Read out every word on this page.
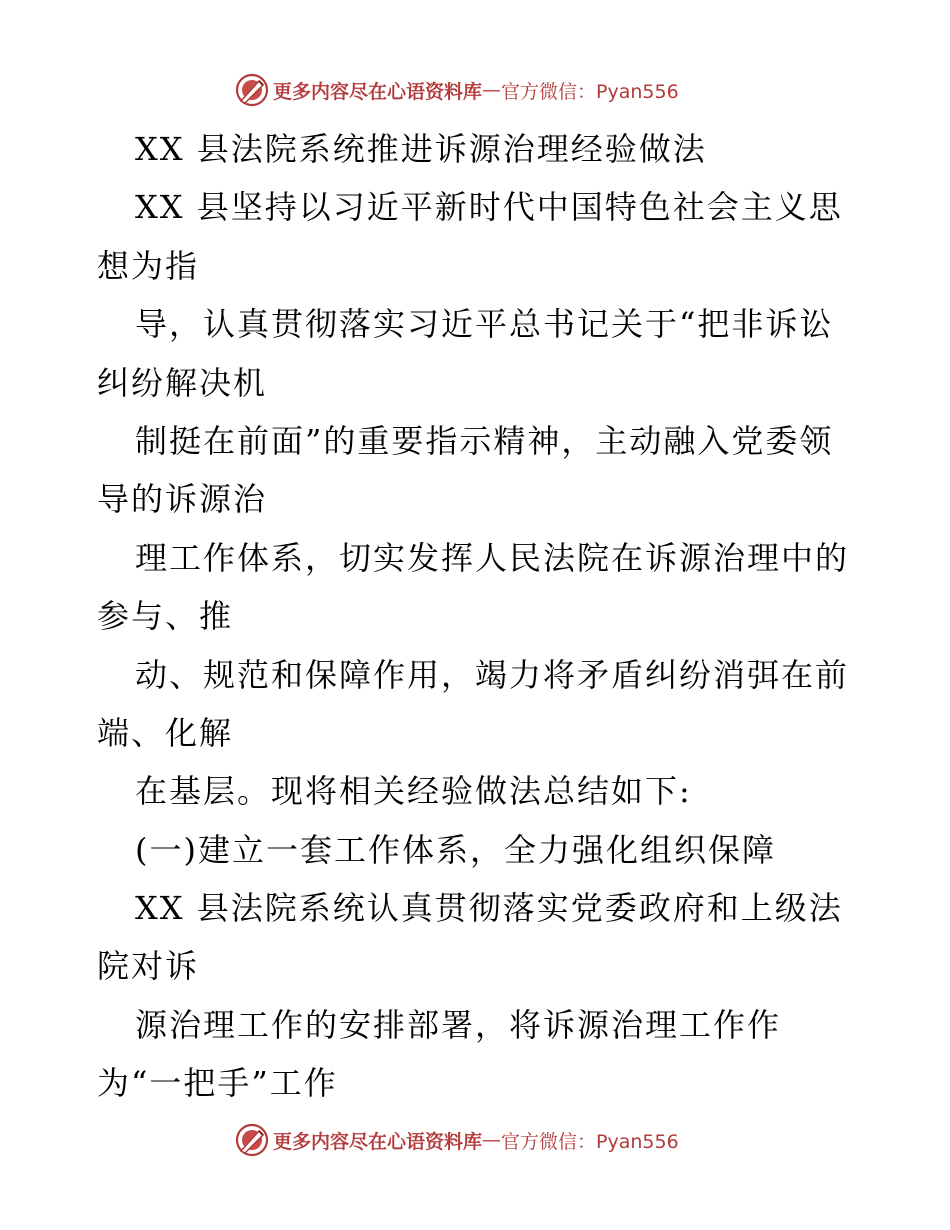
更多内容尽在心语资料库 — 官方微信：Pyan556
XX 县法院系统推进诉源治理经验做法
XX 县坚持以习近平新时代中国特色社会主义思
想为指
导，认真贯彻落实习近平总书记关于“把非诉讼
纠纷解决机
制挺在前面”的重要指示精神，主动融入党委领
导的诉源治
理工作体系，切实发挥人民法院在诉源治理中的
参与、推
动、规范和保障作用，竭力将矛盾纠纷消弭在前
端、化解
在基层。现将相关经验做法总结如下:
(一)建立一套工作体系，全力强化组织保障
XX 县法院系统认真贯彻落实党委政府和上级法
院对诉
源治理工作的安排部署，将诉源治理工作作
为“一把手”工作
更多内容尽在心语资料库 — 官方微信：Pyan556
